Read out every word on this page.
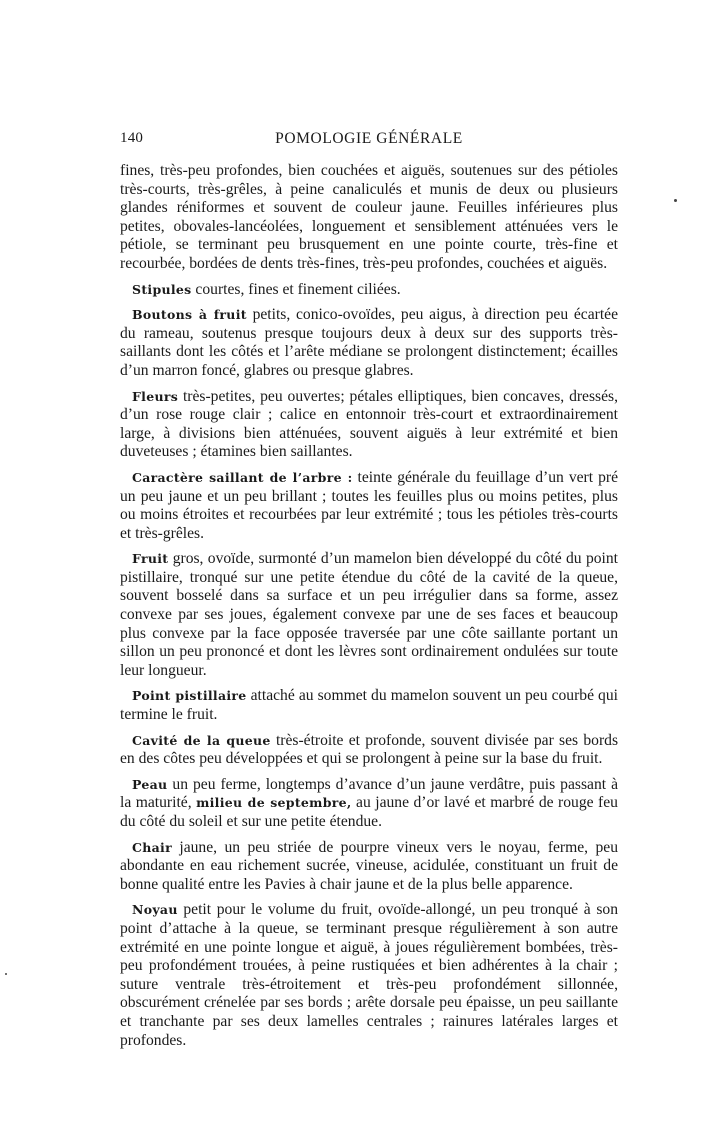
140	POMOLOGIE GÉNÉRALE

fines, très-peu profondes, bien couchées et aiguës, soutenues sur des pétioles très-courts, très-grêles, à peine canaliculés et munis de deux ou plusieurs glandes réniformes et souvent de couleur jaune. Feuilles inférieures plus petites, obovales-lancéolées, longuement et sensiblement atténuées vers le pétiole, se terminant peu brusquement en une pointe courte, très-fine et recourbée, bordées de dents très-fines, très-peu profondes, couchées et aiguës.

Stipules courtes, fines et finement ciliées.

Boutons à fruit petits, conico-ovoïdes, peu aigus, à direction peu écartée du rameau, soutenus presque toujours deux à deux sur des supports très-saillants dont les côtés et l’arête médiane se prolongent distinctement; écailles d’un marron foncé, glabres ou presque glabres.

Fleurs très-petites, peu ouvertes; pétales elliptiques, bien concaves, dressés, d’un rose rouge clair ; calice en entonnoir très-court et extraordinairement large, à divisions bien atténuées, souvent aiguës à leur extrémité et bien duveteuses ; étamines bien saillantes.

Caractère saillant de l’arbre : teinte générale du feuillage d’un vert pré un peu jaune et un peu brillant ; toutes les feuilles plus ou moins petites, plus ou moins étroites et recourbées par leur extrémité ; tous les pétioles très-courts et très-grêles.

Fruit gros, ovoïde, surmonté d’un mamelon bien développé du côté du point pistillaire, tronqué sur une petite étendue du côté de la cavité de la queue, souvent bosselé dans sa surface et un peu irrégulier dans sa forme, assez convexe par ses joues, également convexe par une de ses faces et beaucoup plus convexe par la face opposée traversée par une côte saillante portant un sillon un peu prononcé et dont les lèvres sont ordinairement ondulées sur toute leur longueur.

Point pistillaire attaché au sommet du mamelon souvent un peu courbé qui termine le fruit.

Cavité de la queue très-étroite et profonde, souvent divisée par ses bords en des côtes peu développées et qui se prolongent à peine sur la base du fruit.

Peau un peu ferme, longtemps d’avance d’un jaune verdâtre, puis passant à la maturité, milieu de septembre, au jaune d’or lavé et marbré de rouge feu du côté du soleil et sur une petite étendue.

Chair jaune, un peu striée de pourpre vineux vers le noyau, ferme, peu abondante en eau richement sucrée, vineuse, acidulée, constituant un fruit de bonne qualité entre les Pavies à chair jaune et de la plus belle apparence.

Noyau petit pour le volume du fruit, ovoïde-allongé, un peu tronqué à son point d’attache à la queue, se terminant presque régulièrement à son autre extrémité en une pointe longue et aiguë, à joues régulièrement bombées, très-peu profondément trouées, à peine rustiquées et bien adhérentes à la chair ; suture ventrale très-étroitement et très-peu profondément sillonnée, obscurément crénelée par ses bords ; arête dorsale peu épaisse, un peu saillante et tranchante par ses deux lamelles centrales ; rainures latérales larges et profondes.
